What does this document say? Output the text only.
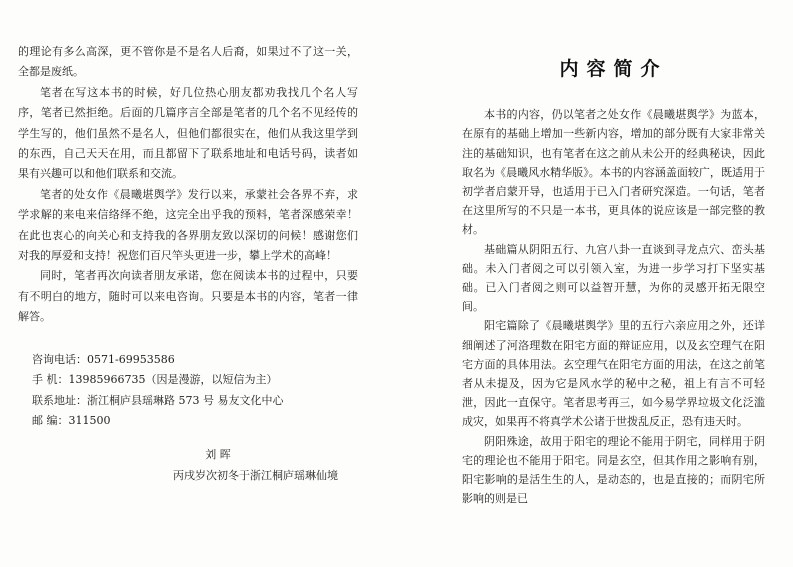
的理论有多么高深，更不管你是不是名人后裔，如果过不了这一关，全都是废纸。

笔者在写这本书的时候，好几位热心朋友都劝我找几个名人写序，笔者已然拒绝。后面的几篇序言全部是笔者的几个名不见经传的学生写的，他们虽然不是名人，但他们都很实在，他们从我这里学到的东西，自己天天在用，而且都留下了联系地址和电话号码，读者如果有兴趣可以和他们联系和交流。

笔者的处女作《晨曦堪舆学》发行以来，承蒙社会各界不弃，求学求解的来电来信络绎不绝，这完全出乎我的预料，笔者深感荣幸！在此也衷心的向关心和支持我的各界朋友致以深切的问候！感谢您们对我的厚爱和支持！祝您们百尺竿头更进一步，攀上学术的高峰！

同时，笔者再次向读者朋友承诺，您在阅读本书的过程中，只要有不明白的地方，随时可以来电咨询。只要是本书的内容，笔者一律解答。

咨询电话：0571-69953586
手 机：13985966735（因是漫游，以短信为主）
联系地址：浙江桐庐县瑶琳路 573 号 易友文化中心
邮 编：311500
刘 晖
丙戌岁次初冬于浙江桐庐瑶琳仙境
内容简介

本书的内容，仍以笔者之处女作《晨曦堪舆学》为蓝本，在原有的基础上增加一些新内容，增加的部分既有大家非常关注的基础知识，也有笔者在这之前从未公开的经典秘诀，因此取名为《晨曦风水精华版》。本书的内容涵盖面较广，既适用于初学者启蒙开导，也适用于已入门者研究深造。一句话，笔者在这里所写的不只是一本书，更具体的说应该是一部完整的教材。

基础篇从阴阳五行、九宫八卦一直谈到寻龙点穴、峦头基础。未入门者阅之可以引领入室，为进一步学习打下坚实基础。已入门者阅之则可以益智开慧，为你的灵感开拓无限空间。

阳宅篇除了《晨曦堪舆学》里的五行六亲应用之外，还详细阐述了河洛理数在阳宅方面的辩证应用，以及玄空理气在阳宅方面的具体用法。玄空理气在阳宅方面的用法，在这之前笔者从未提及，因为它是风水学的秘中之秘，祖上有言不可轻泄，因此一直保守。笔者思考再三，如今易学界垃圾文化泛滥成灾，如果再不将真学术公诸于世拨乱反正，恐有违天时。

阴阳殊途，故用于阳宅的理论不能用于阴宅，同样用于阴宅的理论也不能用于阳宅。同是玄空，但其作用之影响有别，阳宅影响的是活生生的人，是动态的，也是直接的；而阴宅所影响的则是已
